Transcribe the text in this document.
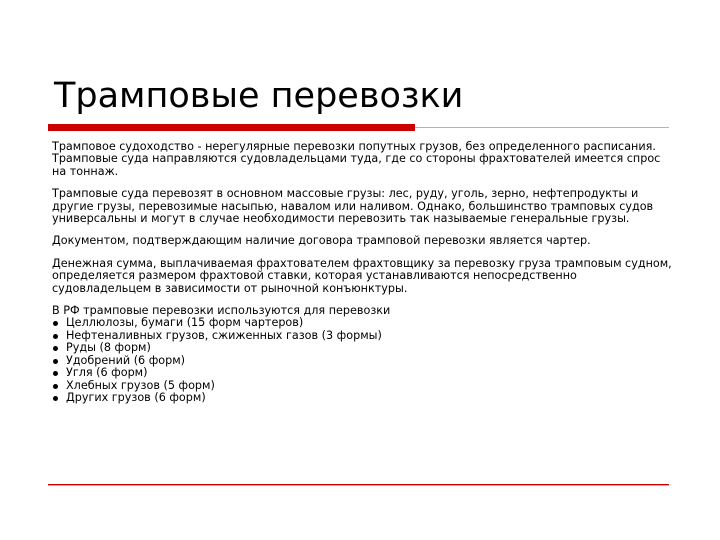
Трамповые перевозки

Трамповое судоходство - нерегулярные перевозки попутных грузов, без определенного расписания. Трамповые суда направляются судовладельцами туда, где со стороны фрахтователей имеется спрос на тоннаж.

Трамповые суда перевозят в основном массовые грузы: лес, руду, уголь, зерно, нефтепродукты и другие грузы, перевозимые насыпью, навалом или наливом. Однако, большинство трамповых судов универсальны и могут в случае необходимости перевозить так называемые генеральные грузы.

Документом, подтверждающим наличие договора трамповой перевозки является чартер.

Денежная сумма, выплачиваемая фрахтователем фрахтовщику за перевозку груза трамповым судном, определяется размером фрахтовой ставки, которая устанавливаются непосредственно судовладельцем в зависимости от рыночной конъюнктуры.

В РФ трамповые перевозки используются для перевозки

Целлюлозы, бумаги (15 форм чартеров)
Нефтеналивных грузов, сжиженных газов (3 формы)
Руды (8 форм)
Удобрений (6 форм)
Угля (6 форм)
Хлебных грузов (5 форм)
Других грузов (6 форм)
